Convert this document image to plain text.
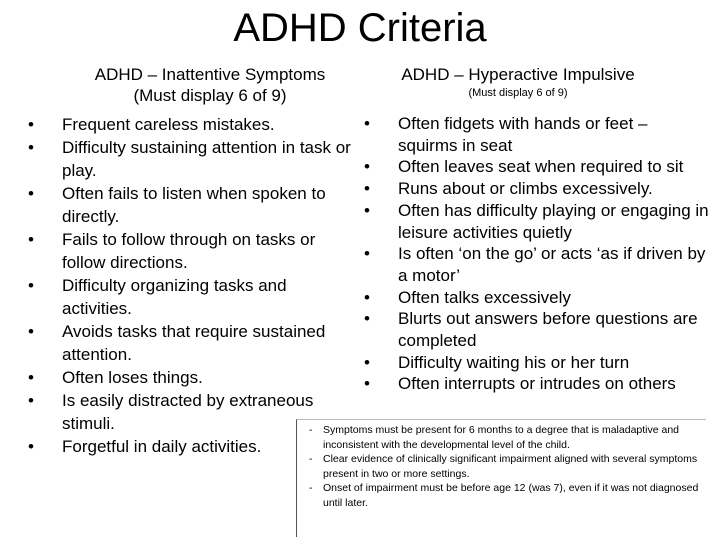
ADHD Criteria
ADHD – Inattentive Symptoms
(Must display 6 of 9)
ADHD – Hyperactive Impulsive
(Must display 6 of 9)
• Frequent careless mistakes.
• Difficulty sustaining attention in task or play.
• Often fails to listen when spoken to directly.
• Fails to follow through on tasks or follow directions.
• Difficulty organizing tasks and activities.
• Avoids tasks that require sustained attention.
• Often loses things.
• Is easily distracted by extraneous stimuli.
• Forgetful in daily activities.
• Often fidgets with hands or feet – squirms in seat
• Often leaves seat when required to sit
• Runs about or climbs excessively.
• Often has difficulty playing or engaging in leisure activities quietly
• Is often ‘on the go’ or acts ‘as if driven by a motor’
• Often talks excessively
• Blurts out answers before questions are completed
• Difficulty waiting his or her turn
• Often interrupts or intrudes on others
- Symptoms must be present for 6 months to a degree that is maladaptive and inconsistent with the developmental level of the child.
- Clear evidence of clinically significant impairment aligned with several symptoms present in two or more settings.
- Onset of impairment must be before age 12 (was 7), even if it was not diagnosed until later.
